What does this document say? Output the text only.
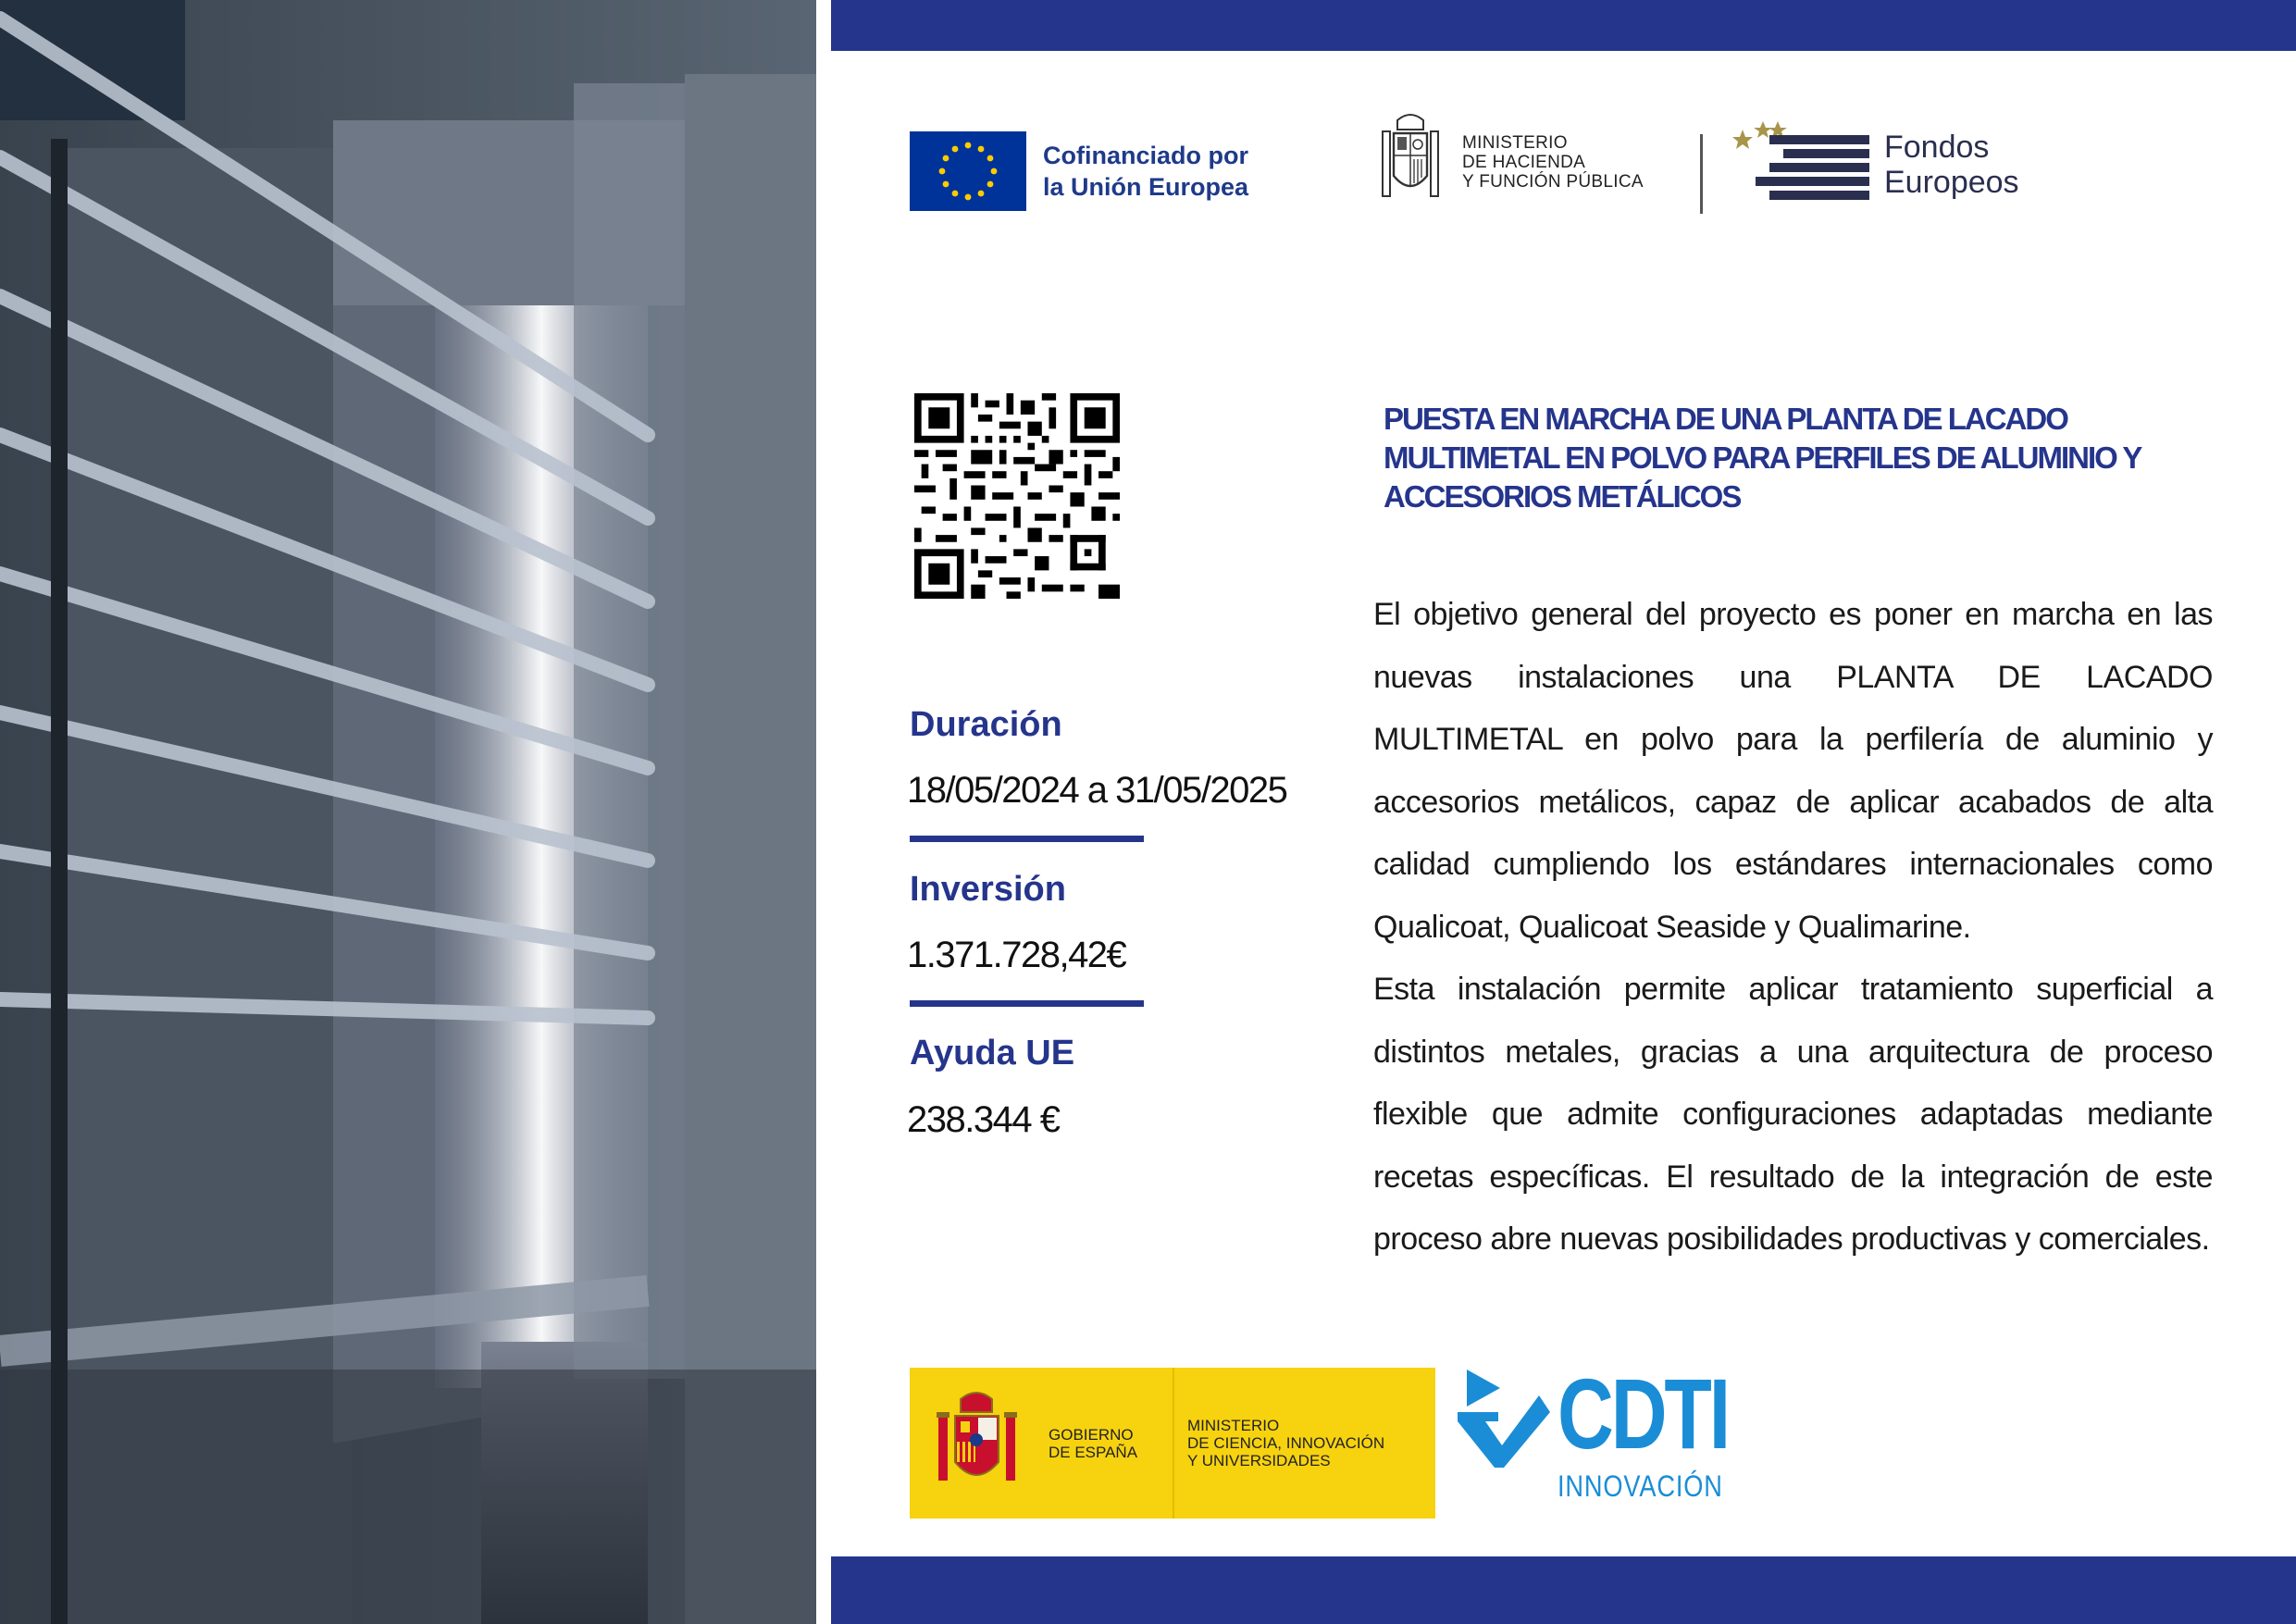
Cofinanciado por
la Unión Europea
MINISTERIO
DE HACIENDA
Y FUNCIÓN PÚBLICA
Fondos
Europeos
Duración
18/05/2024 a 31/05/2025
Inversión
1.371.728,42€
Ayuda UE
238.344 €
PUESTA EN MARCHA DE UNA PLANTA DE LACADO MULTIMETAL EN POLVO PARA PERFILES DE ALUMINIO Y ACCESORIOS METÁLICOS

El objetivo general del proyecto es poner en marcha en las nuevas instalaciones una PLANTA DE LACADO MULTIMETAL en polvo para la perfilería de aluminio y accesorios metálicos, capaz de aplicar acabados de alta calidad cumpliendo los estándares internacionales como Qualicoat, Qualicoat Seaside y Qualimarine.

Esta instalación permite aplicar tratamiento superficial a distintos metales, gracias a una arquitectura de proceso flexible que admite configuraciones adaptadas mediante recetas específicas. El resultado de la integración de este proceso abre nuevas posibilidades productivas y comerciales.

GOBIERNO
DE ESPAÑA
MINISTERIO
DE CIENCIA, INNOVACIÓN
Y UNIVERSIDADES	CDTI
INNOVACIÓN
